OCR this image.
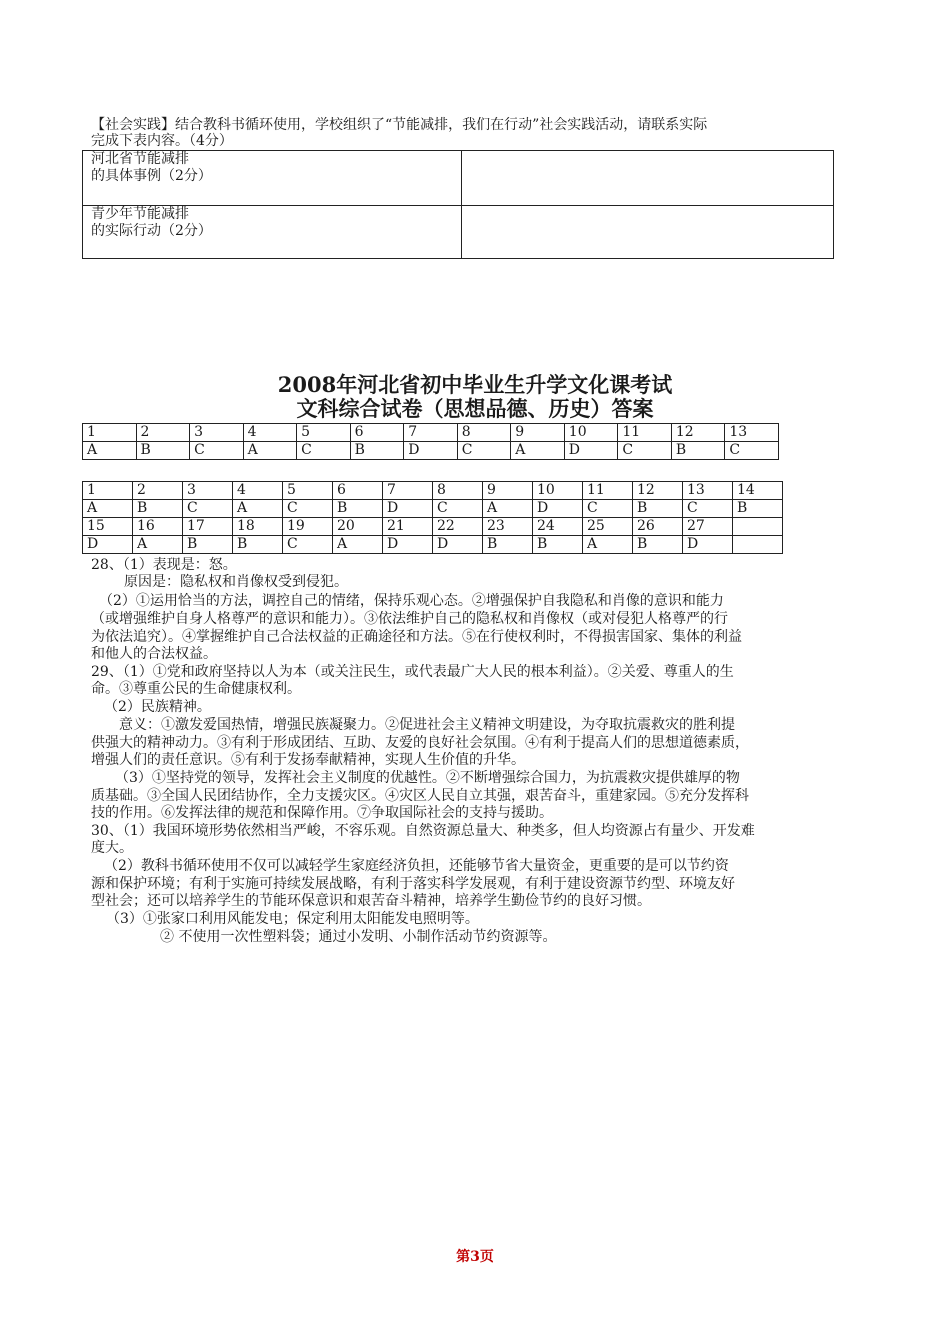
【社会实践】结合教科书循环使用，学校组织了“节能减排，我们在行动”社会实践活动，请联系实际
完成下表内容。（4分）
河北省节能减排
的具体事例（2分）	

青少年节能减排
的实际行动（2分）	

2008年河北省初中毕业生升学文化课考试
文科综合试卷（思想品德、历史）答案
1	2	3	4	5	6	7	8	9	10	11	12	13
A	B	C	A	C	B	D	C	A	D	C	B	C
1	2	3	4	5	6	7	8	9	10	11	12	13	14
A	B	C	A	C	B	D	C	A	D	C	B	C	B
15	16	17	18	19	20	21	22	23	24	25	26	27	
D	A	B	B	C	A	D	D	B	B	A	B	D	
28、（1）表现是：怒。
原因是：隐私权和肖像权受到侵犯。
（2）①运用恰当的方法，调控自己的情绪，保持乐观心态。②增强保护自我隐私和肖像的意识和能力
（或增强维护自身人格尊严的意识和能力）。③依法维护自己的隐私权和肖像权（或对侵犯人格尊严的行
为依法追究）。④掌握维护自己合法权益的正确途径和方法。⑤在行使权利时，不得损害国家、集体的利益
和他人的合法权益。
29、（1）①党和政府坚持以人为本（或关注民生，或代表最广大人民的根本利益）。②关爱、尊重人的生
命。③尊重公民的生命健康权利。
（2）民族精神。
意义：①激发爱国热情，增强民族凝聚力。②促进社会主义精神文明建设，为夺取抗震救灾的胜利提
供强大的精神动力。③有利于形成团结、互助、友爱的良好社会氛围。④有利于提高人们的思想道德素质，
增强人们的责任意识。⑤有利于发扬奉献精神，实现人生价值的升华。
（3）①坚持党的领导，发挥社会主义制度的优越性。②不断增强综合国力，为抗震救灾提供雄厚的物
质基础。③全国人民团结协作，全力支援灾区。④灾区人民自立其强，艰苦奋斗，重建家园。⑤充分发挥科
技的作用。⑥发挥法律的规范和保障作用。⑦争取国际社会的支持与援助。
30、（1）我国环境形势依然相当严峻，不容乐观。自然资源总量大、种类多，但人均资源占有量少、开发难
度大。
（2）教科书循环使用不仅可以减轻学生家庭经济负担，还能够节省大量资金，更重要的是可以节约资
源和保护环境；有利于实施可持续发展战略，有利于落实科学发展观，有利于建设资源节约型、环境友好
型社会；还可以培养学生的节能环保意识和艰苦奋斗精神，培养学生勤俭节约的良好习惯。
（3）①张家口利用风能发电；保定利用太阳能发电照明等。
② 不使用一次性塑料袋；通过小发明、小制作活动节约资源等。
第3页
